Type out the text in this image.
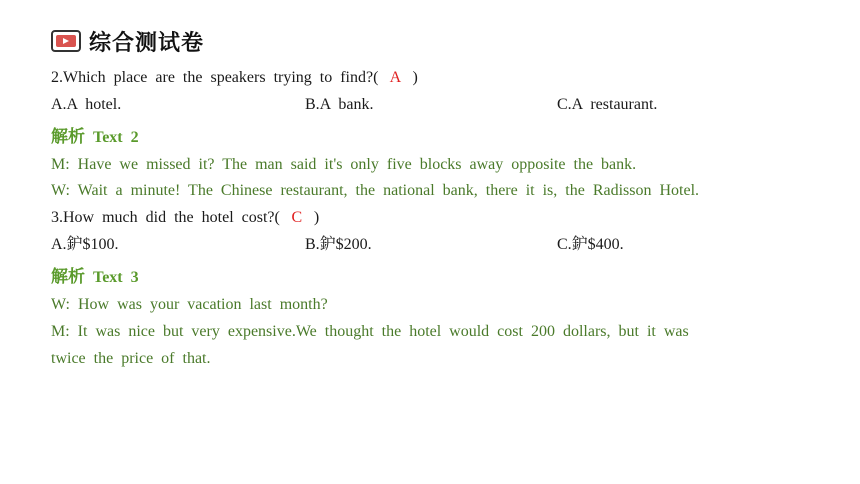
综合测试卷
2.Which place are the speakers trying to find?( A )
A.A hotel.	B.A bank.	C.A restaurant.
解析 Text 2
M: Have we missed it? The man said it's only five blocks away opposite the bank.
W: Wait a minute! The Chinese restaurant, the national bank, there it is, the Radisson Hotel.
3.How much did the hotel cost?( C )
A.鈩$100.	B.鈩$200.	C.鈩$400.
解析 Text 3
W: How was your vacation last month?
M: It was nice but very expensive.We thought the hotel would cost 200 dollars, but it was
twice the price of that.
